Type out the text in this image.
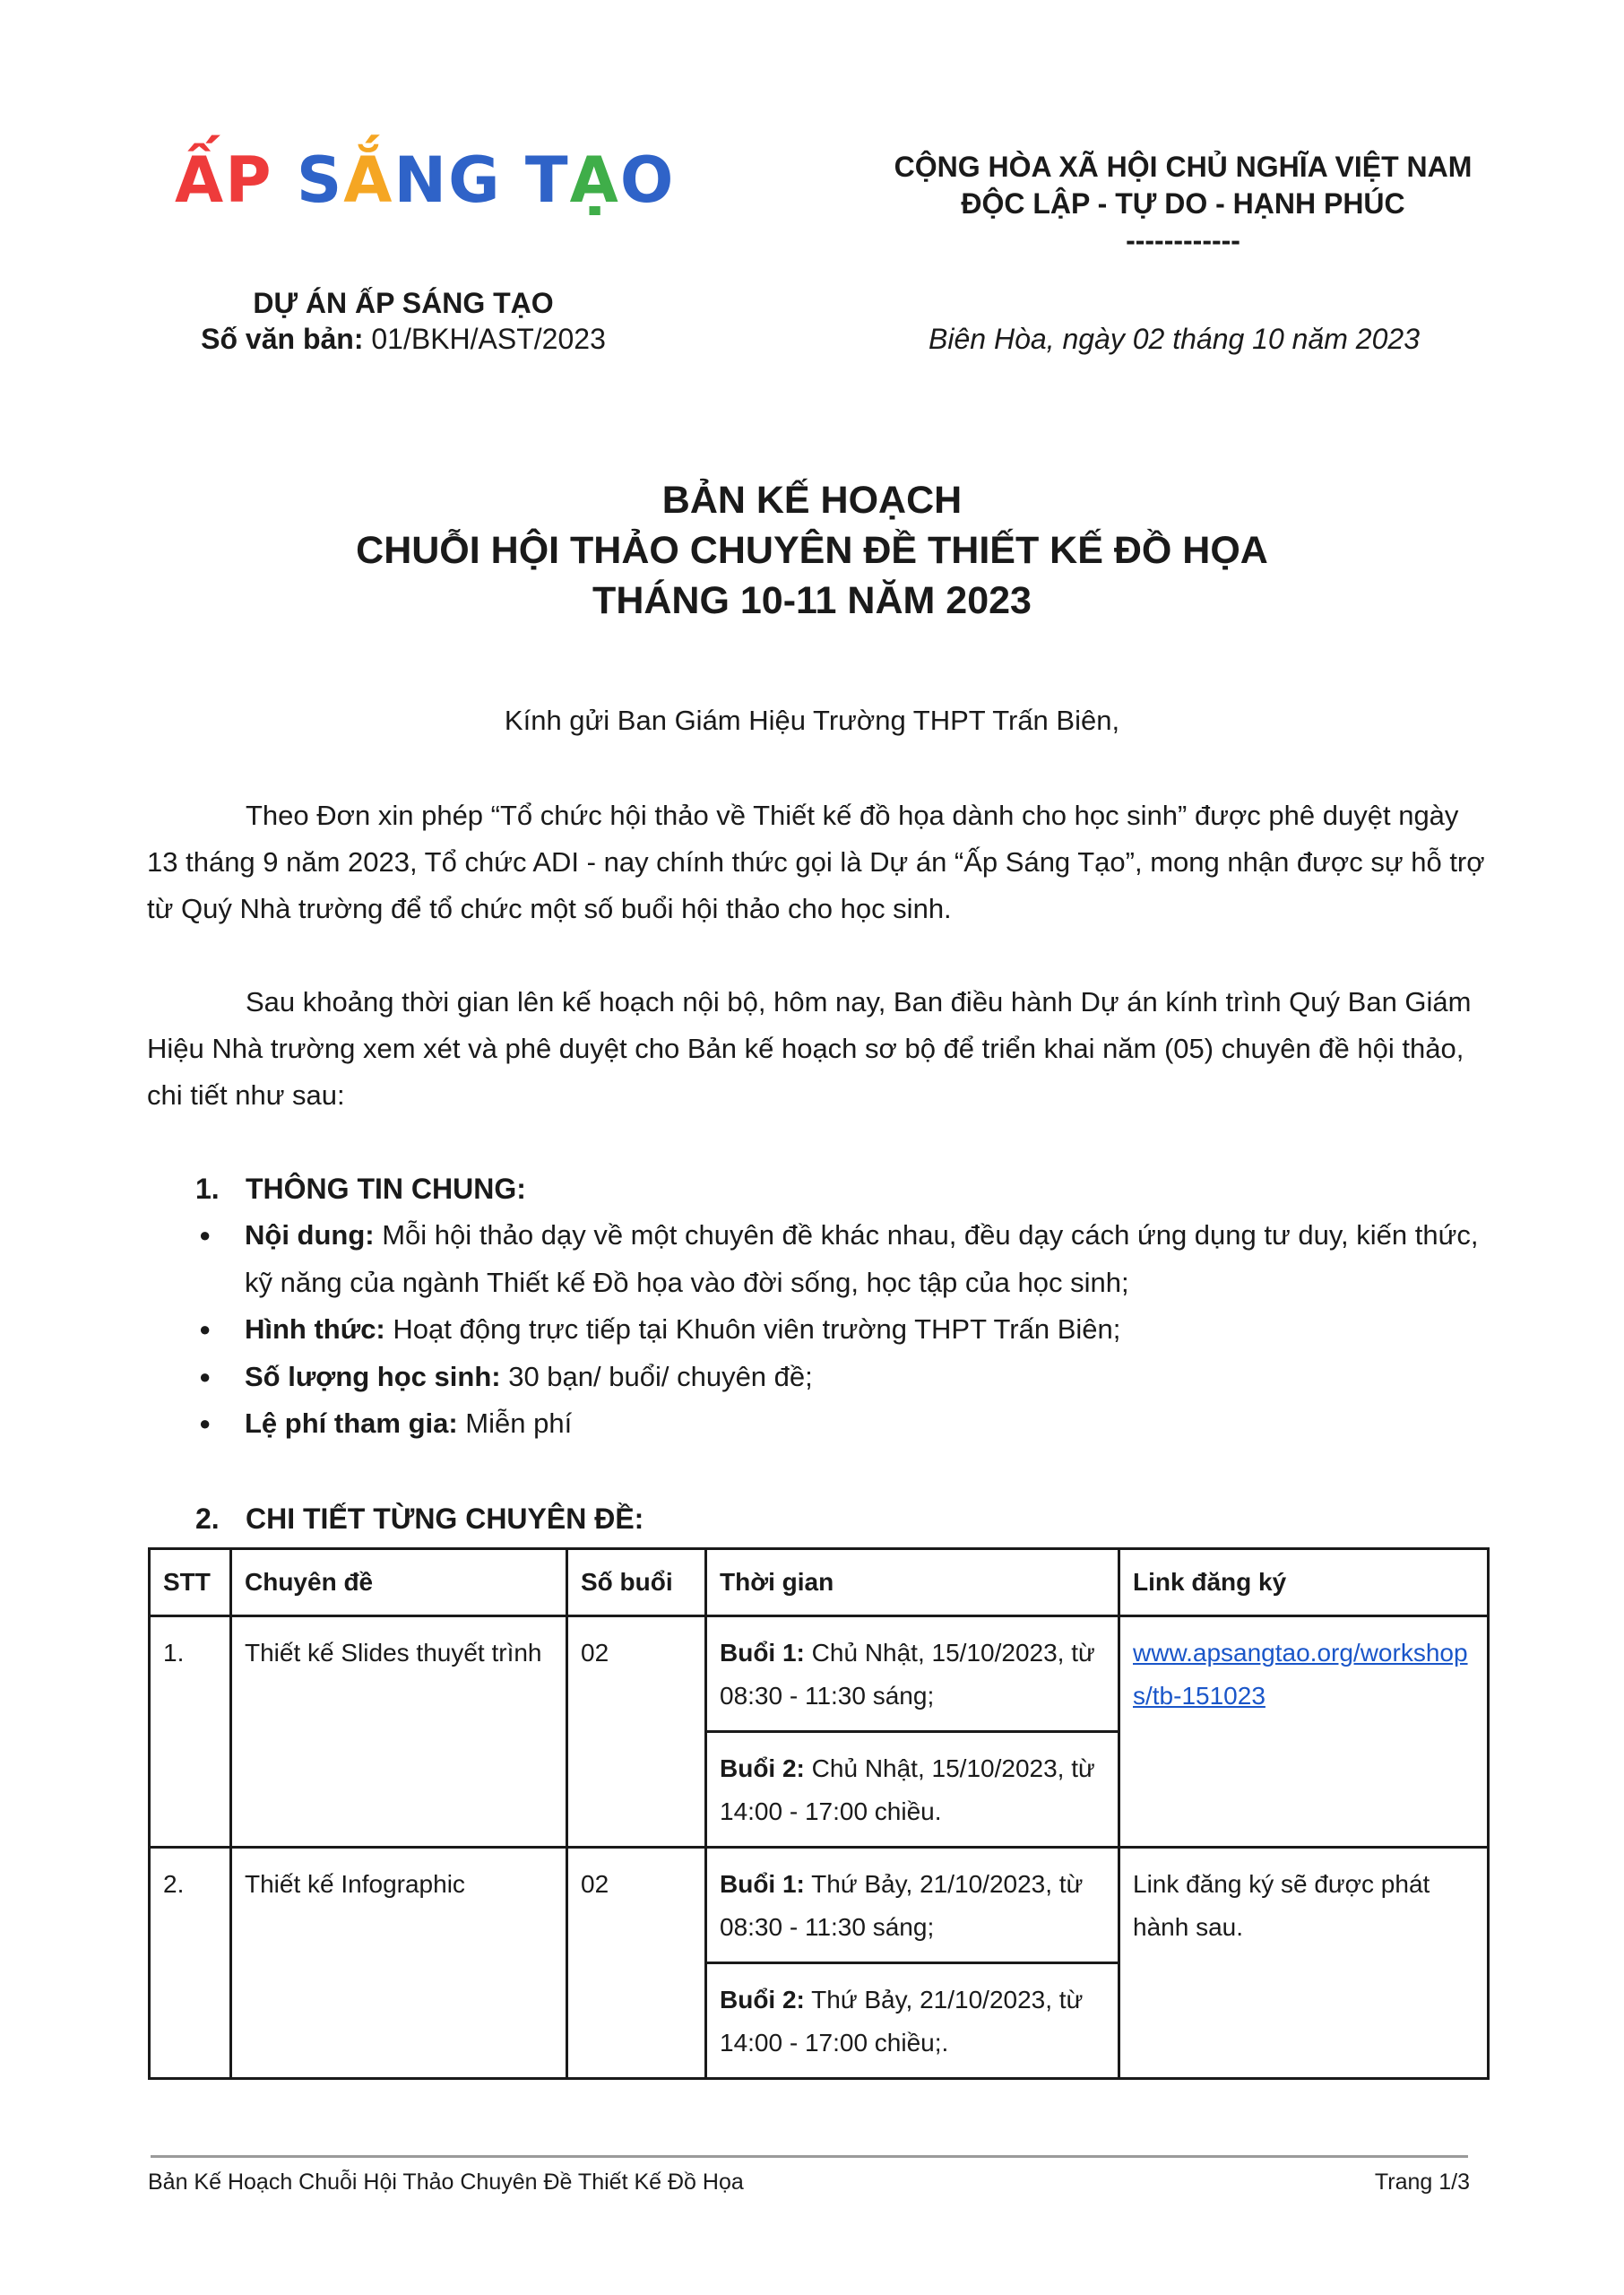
ẤP SẮNG TẠO	CỘNG HÒA XÃ HỘI CHỦ NGHĨA VIỆT NAM
ĐỘC LẬP - TỰ DO - HẠNH PHÚC
------------
DỰ ÁN ẤP SÁNG TẠO
Số văn bản: 01/BKH/AST/2023	Biên Hòa, ngày 02 tháng 10 năm 2023
BẢN KẾ HOẠCH
CHUỖI HỘI THẢO CHUYÊN ĐỀ THIẾT KẾ ĐỒ HỌA
THÁNG 10-11 NĂM 2023
Kính gửi Ban Giám Hiệu Trường THPT Trấn Biên,
Theo Đơn xin phép “Tổ chức hội thảo về Thiết kế đồ họa dành cho học sinh” được phê duyệt ngày 13 tháng 9 năm 2023, Tổ chức ADI - nay chính thức gọi là Dự án “Ấp Sáng Tạo”, mong nhận được sự hỗ trợ từ Quý Nhà trường để tổ chức một số buổi hội thảo cho học sinh.
Sau khoảng thời gian lên kế hoạch nội bộ, hôm nay, Ban điều hành Dự án kính trình Quý Ban Giám Hiệu Nhà trường xem xét và phê duyệt cho Bản kế hoạch sơ bộ để triển khai năm (05) chuyên đề hội thảo, chi tiết như sau:
1. THÔNG TIN CHUNG:
● Nội dung: Mỗi hội thảo dạy về một chuyên đề khác nhau, đều dạy cách ứng dụng tư duy, kiến thức, kỹ năng của ngành Thiết kế Đồ họa vào đời sống, học tập của học sinh;
● Hình thức: Hoạt động trực tiếp tại Khuôn viên trường THPT Trấn Biên;
● Số lượng học sinh: 30 bạn/ buổi/ chuyên đề;
● Lệ phí tham gia: Miễn phí
2. CHI TIẾT TỪNG CHUYÊN ĐỀ:
STT	Chuyên đề	Số buổi	Thời gian	Link đăng ký
1.	Thiết kế Slides thuyết trình	02	Buổi 1: Chủ Nhật, 15/10/2023, từ 08:30 - 11:30 sáng;	www.apsangtao.org/workshops/tb-151023
			Buổi 2: Chủ Nhật, 15/10/2023, từ 14:00 - 17:00 chiều.	
2.	Thiết kế Infographic	02	Buổi 1: Thứ Bảy, 21/10/2023, từ 08:30 - 11:30 sáng;	Link đăng ký sẽ được phát hành sau.
			Buổi 2: Thứ Bảy, 21/10/2023, từ 14:00 - 17:00 chiều;.	
Bản Kế Hoạch Chuỗi Hội Thảo Chuyên Đề Thiết Kế Đồ Họa	Trang 1/3
